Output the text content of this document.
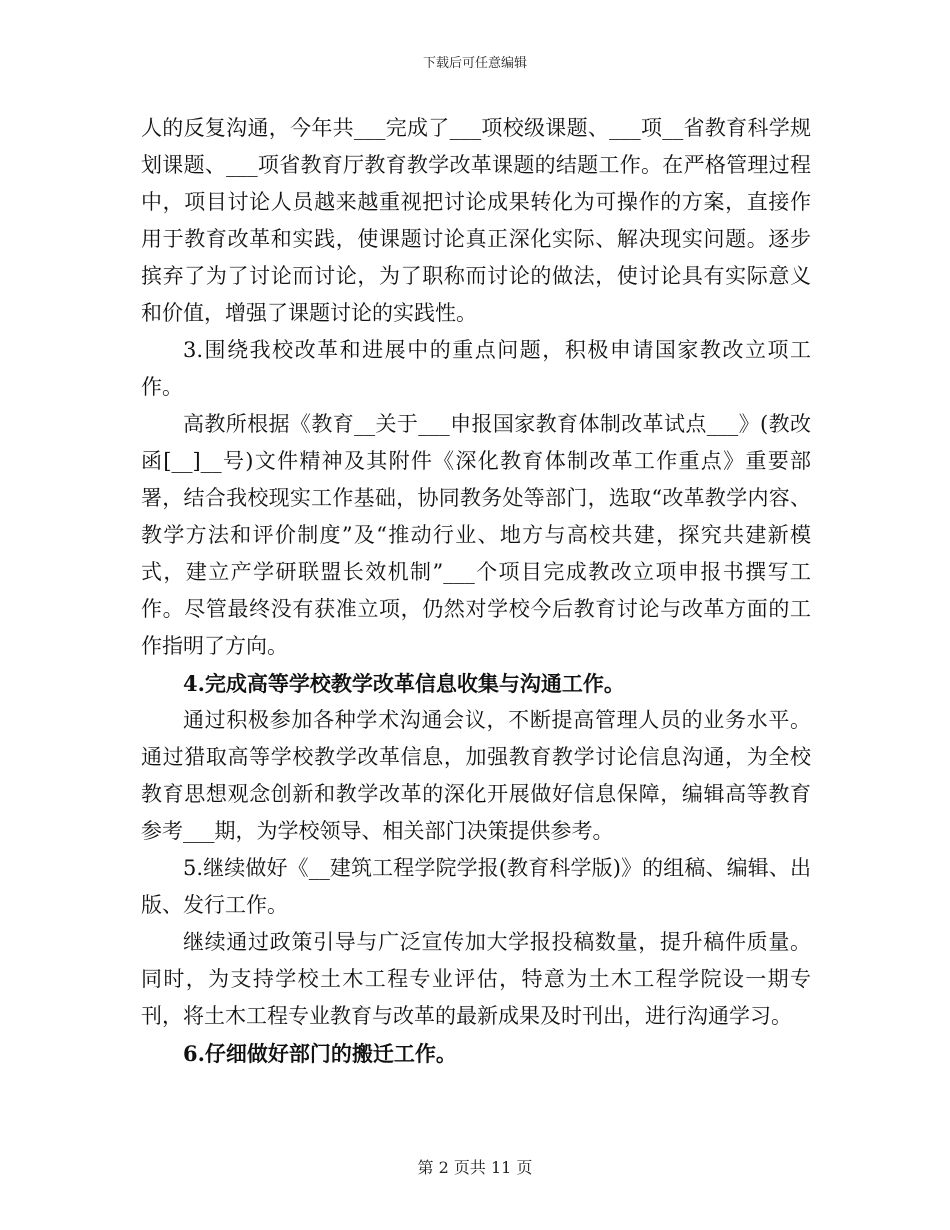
下载后可任意编辑

人的反复沟通，今年共___完成了___项校级课题、___项__省教育科学规划课题、___项省教育厅教育教学改革课题的结题工作。在严格管理过程中，项目讨论人员越来越重视把讨论成果转化为可操作的方案，直接作用于教育改革和实践，使课题讨论真正深化实际、解决现实问题。逐步摈弃了为了讨论而讨论，为了职称而讨论的做法，使讨论具有实际意义和价值，增强了课题讨论的实践性。

3.围绕我校改革和进展中的重点问题，积极申请国家教改立项工作。

高教所根据《教育__关于___申报国家教育体制改革试点___》(教改函[__]__号)文件精神及其附件《深化教育体制改革工作重点》重要部署，结合我校现实工作基础，协同教务处等部门，选取“改革教学内容、教学方法和评价制度”及“推动行业、地方与高校共建，探究共建新模式，建立产学研联盟长效机制”___个项目完成教改立项申报书撰写工作。尽管最终没有获准立项，仍然对学校今后教育讨论与改革方面的工作指明了方向。

4.完成高等学校教学改革信息收集与沟通工作。

通过积极参加各种学术沟通会议，不断提高管理人员的业务水平。通过猎取高等学校教学改革信息，加强教育教学讨论信息沟通，为全校教育思想观念创新和教学改革的深化开展做好信息保障，编辑高等教育参考___期，为学校领导、相关部门决策提供参考。

5.继续做好《__建筑工程学院学报(教育科学版)》的组稿、编辑、出版、发行工作。

继续通过政策引导与广泛宣传加大学报投稿数量，提升稿件质量。同时，为支持学校土木工程专业评估，特意为土木工程学院设一期专刊，将土木工程专业教育与改革的最新成果及时刊出，进行沟通学习。

6.仔细做好部门的搬迁工作。

第 2 页共 11 页
